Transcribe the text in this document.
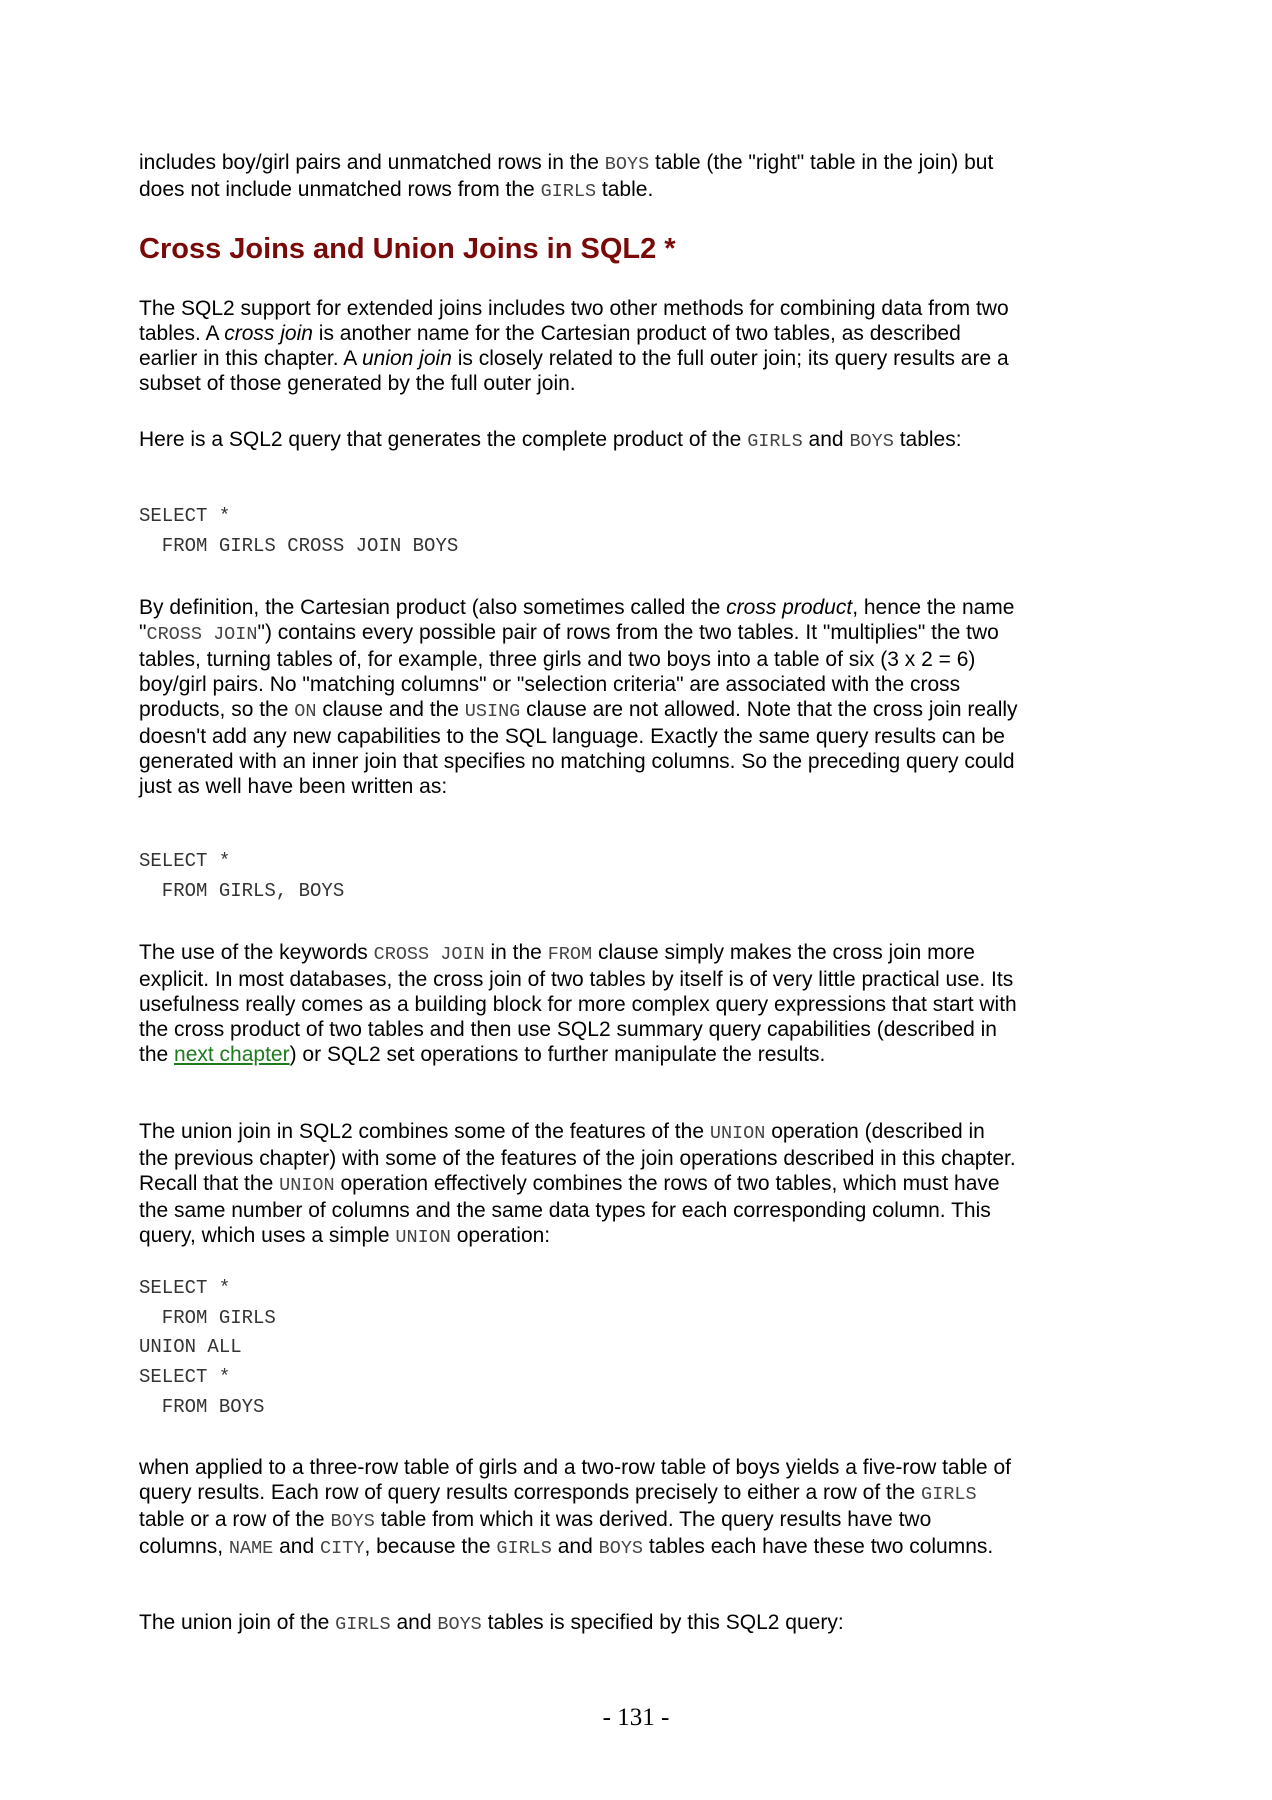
includes boy/girl pairs and unmatched rows in the BOYS table (the "right" table in the join) but does not include unmatched rows from the GIRLS table.

Cross Joins and Union Joins in SQL2 *

The SQL2 support for extended joins includes two other methods for combining data from two tables. A cross join is another name for the Cartesian product of two tables, as described earlier in this chapter. A union join is closely related to the full outer join; its query results are a subset of those generated by the full outer join.

Here is a SQL2 query that generates the complete product of the GIRLS and BOYS tables:

SELECT *
FROM GIRLS CROSS JOIN BOYS

By definition, the Cartesian product (also sometimes called the cross product, hence the name "CROSS JOIN") contains every possible pair of rows from the two tables. It "multiplies" the two tables, turning tables of, for example, three girls and two boys into a table of six (3 x 2 = 6) boy/girl pairs. No "matching columns" or "selection criteria" are associated with the cross products, so the ON clause and the USING clause are not allowed. Note that the cross join really doesn't add any new capabilities to the SQL language. Exactly the same query results can be generated with an inner join that specifies no matching columns. So the preceding query could just as well have been written as:

SELECT *
FROM GIRLS, BOYS

The use of the keywords CROSS JOIN in the FROM clause simply makes the cross join more explicit. In most databases, the cross join of two tables by itself is of very little practical use. Its usefulness really comes as a building block for more complex query expressions that start with the cross product of two tables and then use SQL2 summary query capabilities (described in the next chapter) or SQL2 set operations to further manipulate the results.

The union join in SQL2 combines some of the features of the UNION operation (described in the previous chapter) with some of the features of the join operations described in this chapter. Recall that the UNION operation effectively combines the rows of two tables, which must have the same number of columns and the same data types for each corresponding column. This query, which uses a simple UNION operation:

SELECT *
FROM GIRLS
UNION ALL
SELECT *
FROM BOYS

when applied to a three-row table of girls and a two-row table of boys yields a five-row table of query results. Each row of query results corresponds precisely to either a row of the GIRLS table or a row of the BOYS table from which it was derived. The query results have two columns, NAME and CITY, because the GIRLS and BOYS tables each have these two columns.

The union join of the GIRLS and BOYS tables is specified by this SQL2 query:

- 131 -
